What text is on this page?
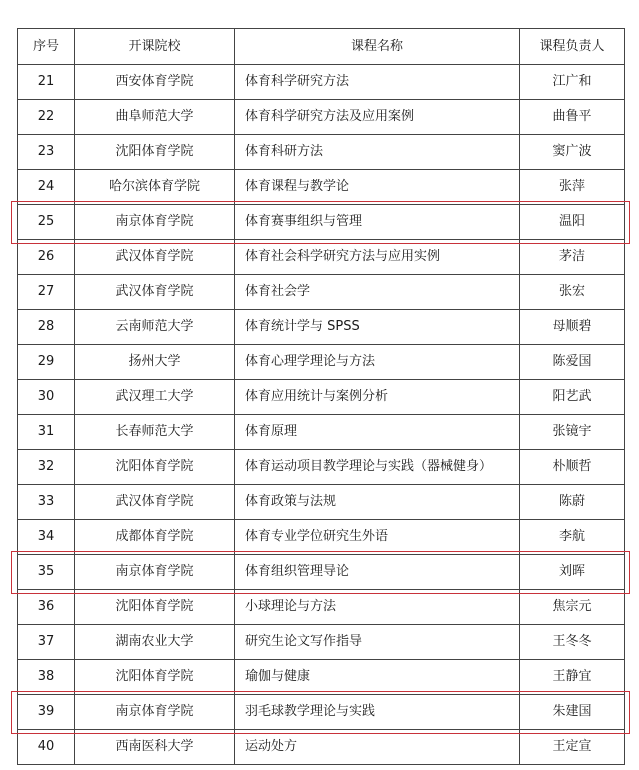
序号	开课院校	课程名称	课程负责人
21	西安体育学院	体育科学研究方法	江广和
22	曲阜师范大学	体育科学研究方法及应用案例	曲鲁平
23	沈阳体育学院	体育科研方法	窦广波
24	哈尔滨体育学院	体育课程与教学论	张萍
25	南京体育学院	体育赛事组织与管理	温阳
26	武汉体育学院	体育社会科学研究方法与应用实例	茅洁
27	武汉体育学院	体育社会学	张宏
28	云南师范大学	体育统计学与 SPSS	母顺碧
29	扬州大学	体育心理学理论与方法	陈爱国
30	武汉理工大学	体育应用统计与案例分析	阳艺武
31	长春师范大学	体育原理	张镜宇
32	沈阳体育学院	体育运动项目教学理论与实践（器械健身）	朴顺哲
33	武汉体育学院	体育政策与法规	陈蔚
34	成都体育学院	体育专业学位研究生外语	李航
35	南京体育学院	体育组织管理导论	刘晖
36	沈阳体育学院	小球理论与方法	焦宗元
37	湖南农业大学	研究生论文写作指导	王冬冬
38	沈阳体育学院	瑜伽与健康	王静宜
39	南京体育学院	羽毛球教学理论与实践	朱建国
40	西南医科大学	运动处方	王定宣
